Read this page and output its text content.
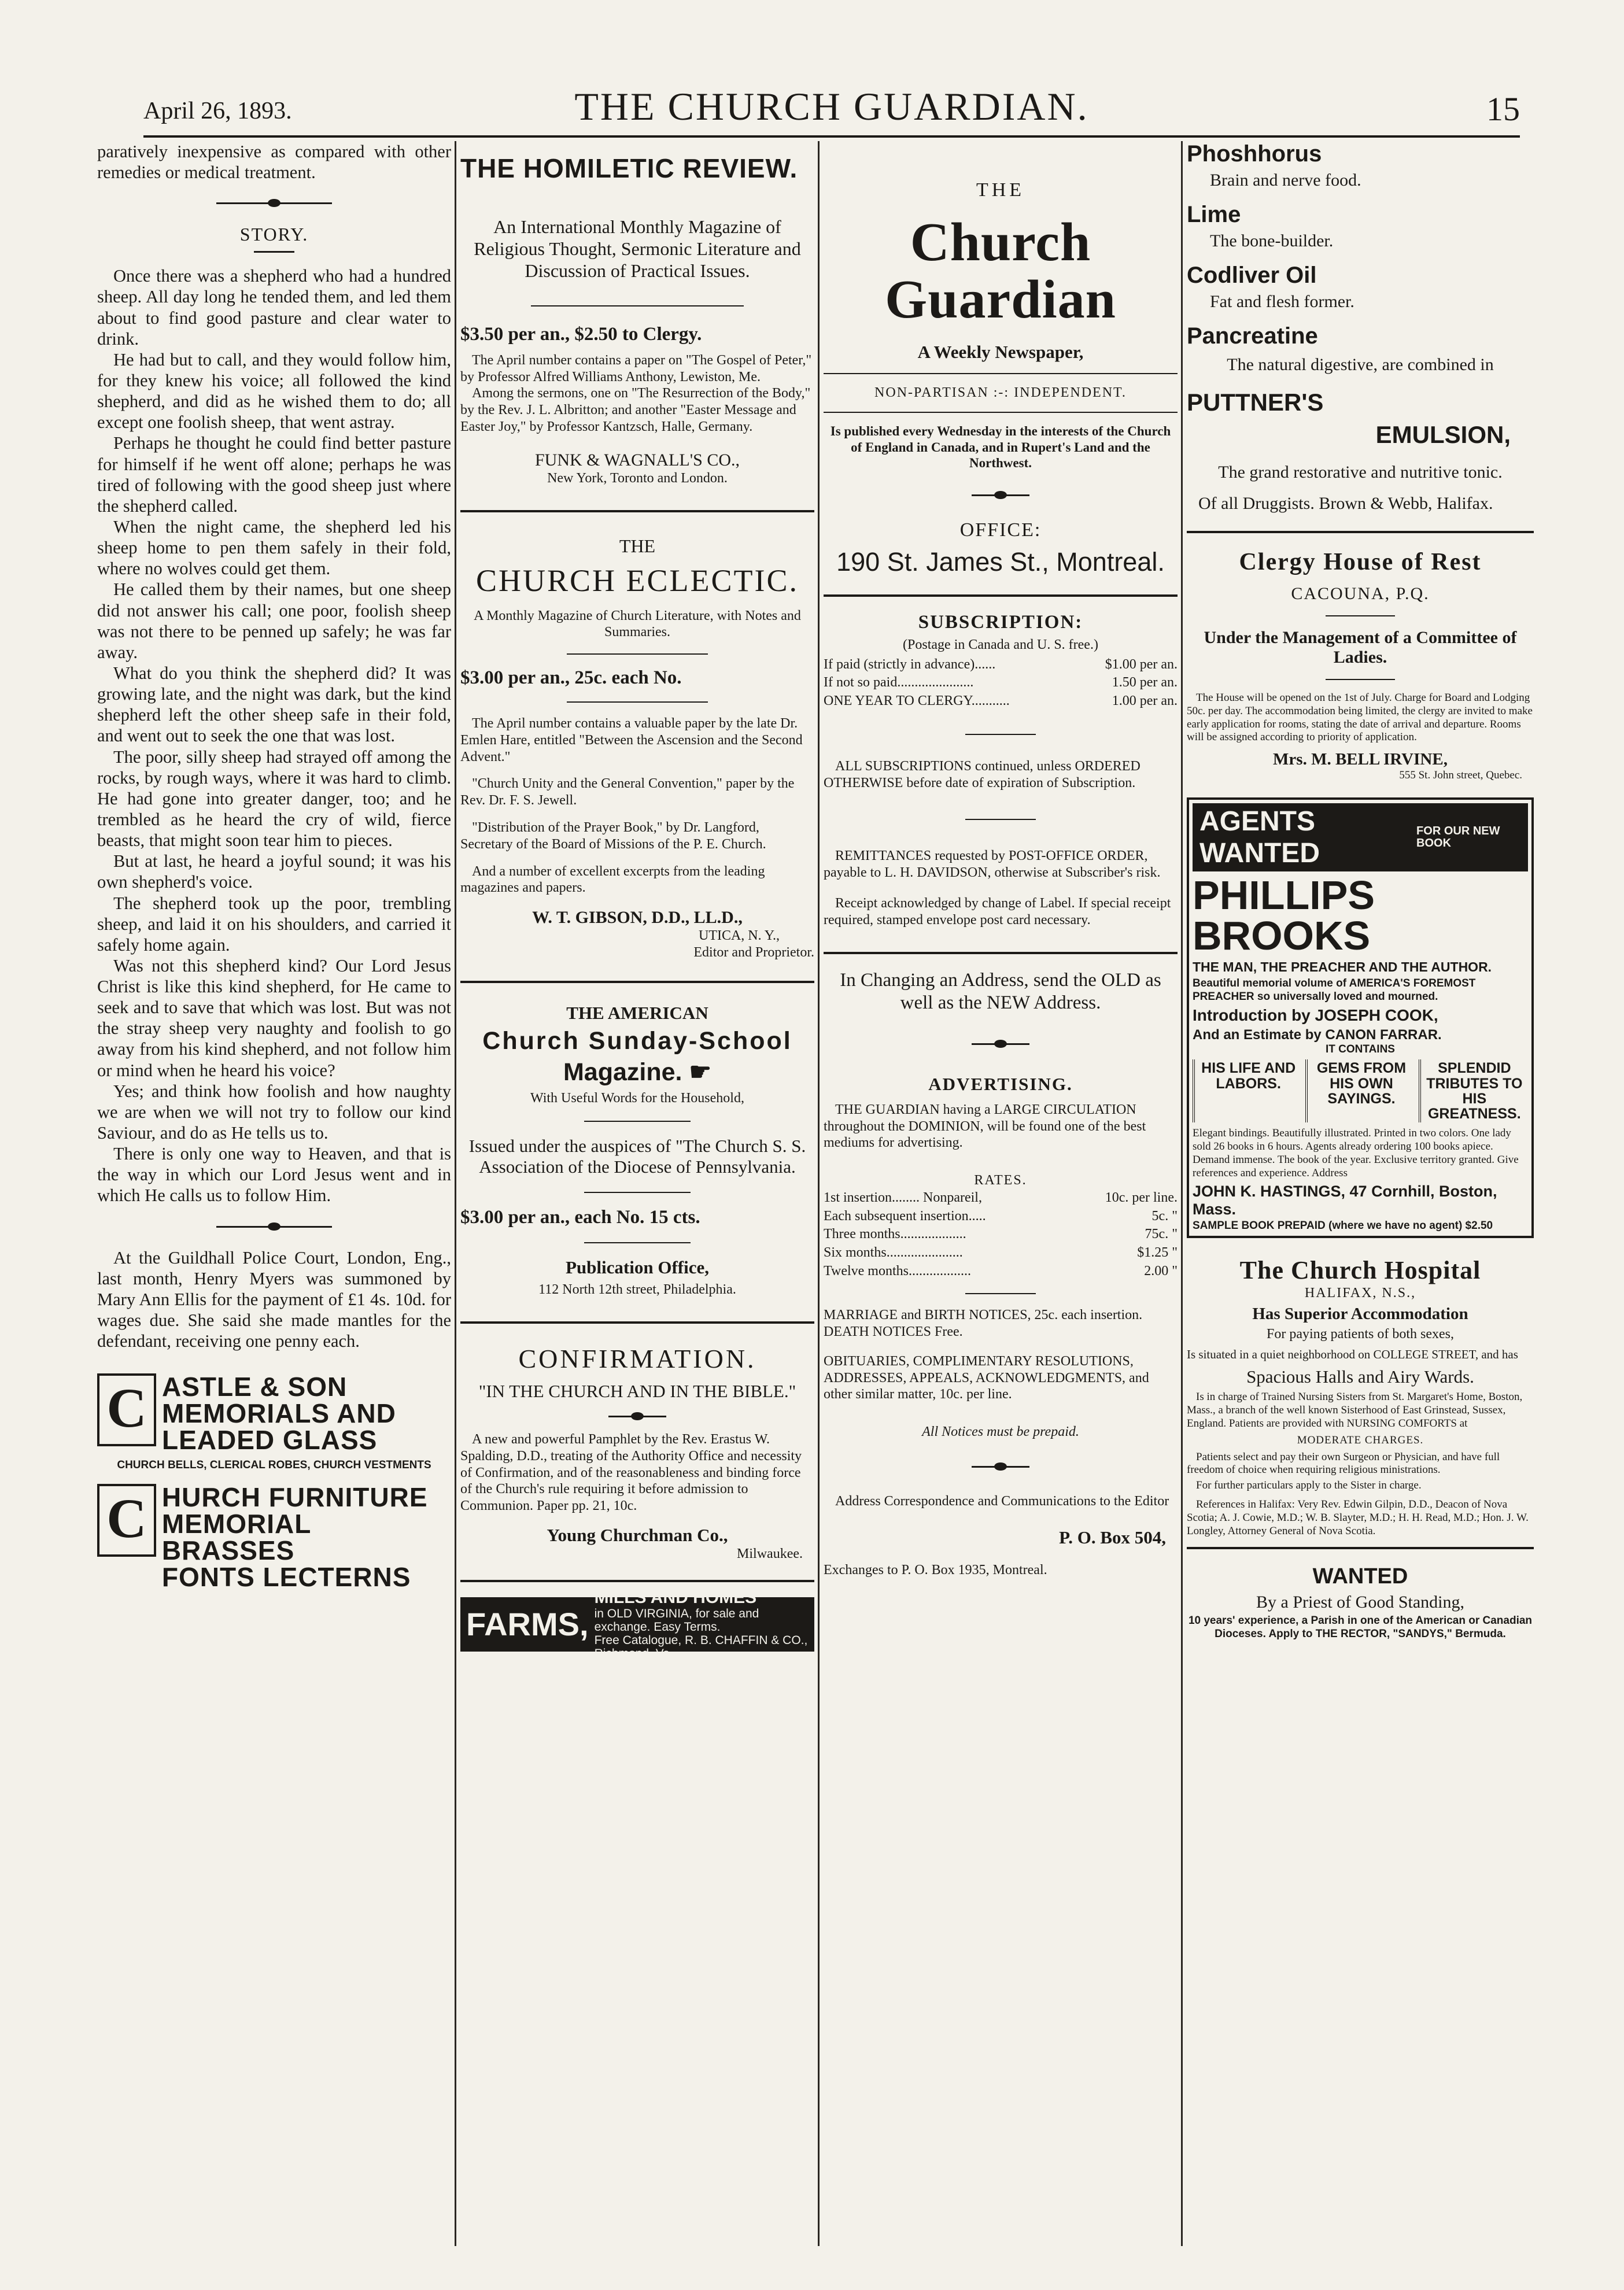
April 26, 1893.	THE CHURCH GUARDIAN.	15

paratively inexpensive as compared with other remedies or medical treatment.

STORY.

Once there was a shepherd who had a hundred sheep. All day long he tended them, and led them about to find good pasture and clear water to drink.

He had but to call, and they would follow him, for they knew his voice; all followed the kind shepherd, and did as he wished them to do; all except one foolish sheep, that went astray.

Perhaps he thought he could find better pasture for himself if he went off alone; perhaps he was tired of following with the good sheep just where the shepherd called.

When the night came, the shepherd led his sheep home to pen them safely in their fold, where no wolves could get them.

He called them by their names, but one sheep did not answer his call; one poor, foolish sheep was not there to be penned up safely; he was far away.

What do you think the shepherd did? It was growing late, and the night was dark, but the kind shepherd left the other sheep safe in their fold, and went out to seek the one that was lost.

The poor, silly sheep had strayed off among the rocks, by rough ways, where it was hard to climb. He had gone into greater danger, too; and he trembled as he heard the cry of wild, fierce beasts, that might soon tear him to pieces.

But at last, he heard a joyful sound; it was his own shepherd's voice.

The shepherd took up the poor, trembling sheep, and laid it on his shoulders, and carried it safely home again.

Was not this shepherd kind? Our Lord Jesus Christ is like this kind shepherd, for He came to seek and to save that which was lost. But was not the stray sheep very naughty and foolish to go away from his kind shepherd, and not follow him or mind when he heard his voice?

Yes; and think how foolish and how naughty we are when we will not try to follow our kind Saviour, and do as He tells us to.

There is only one way to Heaven, and that is the way in which our Lord Jesus went and in which He calls us to follow Him.

At the Guildhall Police Court, London, Eng., last month, Henry Myers was summoned by Mary Ann Ellis for the payment of £1 4s. 10d. for wages due. She said she made mantles for the defendant, receiving one penny each.

C ASTLE & SON
MEMORIALS AND
LEADED GLASS
CHURCH BELLS, CLERICAL ROBES, CHURCH VESTMENTS
C HURCH FURNITURE
MEMORIAL BRASSES
FONTS LECTERNS
THE HOMILETIC REVIEW.

An International Monthly Magazine of Religious Thought, Sermonic Literature and Discussion of Practical Issues.

$3.50 per an., $2.50 to Clergy.

The April number contains a paper on "The Gospel of Peter," by Professor Alfred Williams Anthony, Lewiston, Me.

Among the sermons, one on "The Resurrection of the Body," by the Rev. J. L. Albritton; and another "Easter Message and Easter Joy," by Professor Kantzsch, Halle, Germany.

FUNK & WAGNALL'S CO.,
New York, Toronto and London.
THE
CHURCH ECLECTIC.

A Monthly Magazine of Church Literature, with Notes and Summaries.

$3.00 per an., 25c. each No.

The April number contains a valuable paper by the late Dr. Emlen Hare, entitled "Between the Ascension and the Second Advent."

"Church Unity and the General Convention," paper by the Rev. Dr. F. S. Jewell.

"Distribution of the Prayer Book," by Dr. Langford, Secretary of the Board of Missions of the P. E. Church.

And a number of excellent excerpts from the leading magazines and papers.

W. T. GIBSON, D.D., LL.D.,
UTICA, N. Y.,
Editor and Proprietor.
THE AMERICAN
Church Sunday-School
Magazine. ☛
With Useful Words for the Household,

Issued under the auspices of "The Church S. S. Association of the Diocese of Pennsylvania.

$3.00 per an., each No. 15 cts.
Publication Office,
112 North 12th street, Philadelphia.
CONFIRMATION.
"IN THE CHURCH AND IN THE BIBLE."

A new and powerful Pamphlet by the Rev. Erastus W. Spalding, D.D., treating of the Authority Office and necessity of Confirmation, and of the reasonableness and binding force of the Church's rule requiring it before admission to Communion. Paper pp. 21, 10c.

Young Churchman Co.,
Milwaukee.
FARMS,
MILLS AND HOMES
in OLD VIRGINIA, for sale and exchange. Easy Terms.
Free Catalogue, R. B. CHAFFIN & CO., Richmond, Va.
THE
Church Guardian
A Weekly Newspaper,
NON-PARTISAN :-: INDEPENDENT.

Is published every Wednesday in the interests of the Church of England in Canada, and in Rupert's Land and the Northwest.

OFFICE:
190 St. James St., Montreal.
SUBSCRIPTION:
(Postage in Canada and U. S. free.)
If paid (strictly in advance)......	$1.00 per an.
If not so paid......................	1.50 per an.
ONE YEAR TO CLERGY...........	1.00 per an.

ALL SUBSCRIPTIONS continued, unless ORDERED OTHERWISE before date of expiration of Subscription.

REMITTANCES requested by POST-OFFICE ORDER, payable to L. H. DAVIDSON, otherwise at Subscriber's risk.

Receipt acknowledged by change of Label. If special receipt required, stamped envelope post card necessary.

In Changing an Address, send the OLD as well as the NEW Address.

ADVERTISING.

THE GUARDIAN having a LARGE CIRCULATION throughout the DOMINION, will be found one of the best mediums for advertising.

RATES.
1st insertion........ Nonpareil,	10c. per line.
Each subsequent insertion.....	5c. "
Three months...................	75c. "
Six months......................	$1.25 "
Twelve months..................	2.00 "

MARRIAGE and BIRTH NOTICES, 25c. each insertion. DEATH NOTICES Free.

OBITUARIES, COMPLIMENTARY RESOLUTIONS, ADDRESSES, APPEALS, ACKNOWLEDGMENTS, and other similar matter, 10c. per line.

All Notices must be prepaid.

Address Correspondence and Communications to the Editor

P. O. Box 504,
Exchanges to P. O. Box 1935, Montreal.
Phoshhorus
Brain and nerve food.
Lime
The bone-builder.
Codliver Oil
Fat and flesh former.
Pancreatine
The natural digestive, are combined in
PUTTNER'S
EMULSION,

The grand restorative and nutritive tonic.

Of all Druggists. Brown & Webb, Halifax.

Clergy House of Rest
CACOUNA, P.Q.
Under the Management of a Committee of Ladies.

The House will be opened on the 1st of July. Charge for Board and Lodging 50c. per day. The accommodation being limited, the clergy are invited to make early application for rooms, stating the date of arrival and departure. Rooms will be assigned according to priority of application.

Mrs. M. BELL IRVINE,
555 St. John street, Quebec.
AGENTS WANTED
FOR OUR NEW BOOK
PHILLIPS BROOKS
THE MAN, THE PREACHER AND THE AUTHOR.

Beautiful memorial volume of AMERICA'S FOREMOST PREACHER so universally loved and mourned.

Introduction by JOSEPH COOK,
And an Estimate by CANON FARRAR.
IT CONTAINS
HIS LIFE AND LABORS.
GEMS FROM HIS OWN SAYINGS.
SPLENDID TRIBUTES TO HIS GREATNESS.

Elegant bindings. Beautifully illustrated. Printed in two colors. One lady sold 26 books in 6 hours. Agents already ordering 100 books apiece. Demand immense. The book of the year. Exclusive territory granted. Give references and experience. Address

JOHN K. HASTINGS, 47 Cornhill, Boston, Mass.
SAMPLE BOOK PREPAID (where we have no agent) $2.50
The Church Hospital
HALIFAX, N.S.,
Has Superior Accommodation
For paying patients of both sexes,

Is situated in a quiet neighborhood on COLLEGE STREET, and has

Spacious Halls and Airy Wards.

Is in charge of Trained Nursing Sisters from St. Margaret's Home, Boston, Mass., a branch of the well known Sisterhood of East Grinstead, Sussex, England. Patients are provided with NURSING COMFORTS at

MODERATE CHARGES.

Patients select and pay their own Surgeon or Physician, and have full freedom of choice when requiring religious ministrations.

For further particulars apply to the Sister in charge.

References in Halifax: Very Rev. Edwin Gilpin, D.D., Deacon of Nova Scotia; A. J. Cowie, M.D.; W. B. Slayter, M.D.; H. H. Read, M.D.; Hon. J. W. Longley, Attorney General of Nova Scotia.

WANTED
By a Priest of Good Standing,

10 years' experience, a Parish in one of the American or Canadian Dioceses. Apply to THE RECTOR, "SANDYS," Bermuda.
